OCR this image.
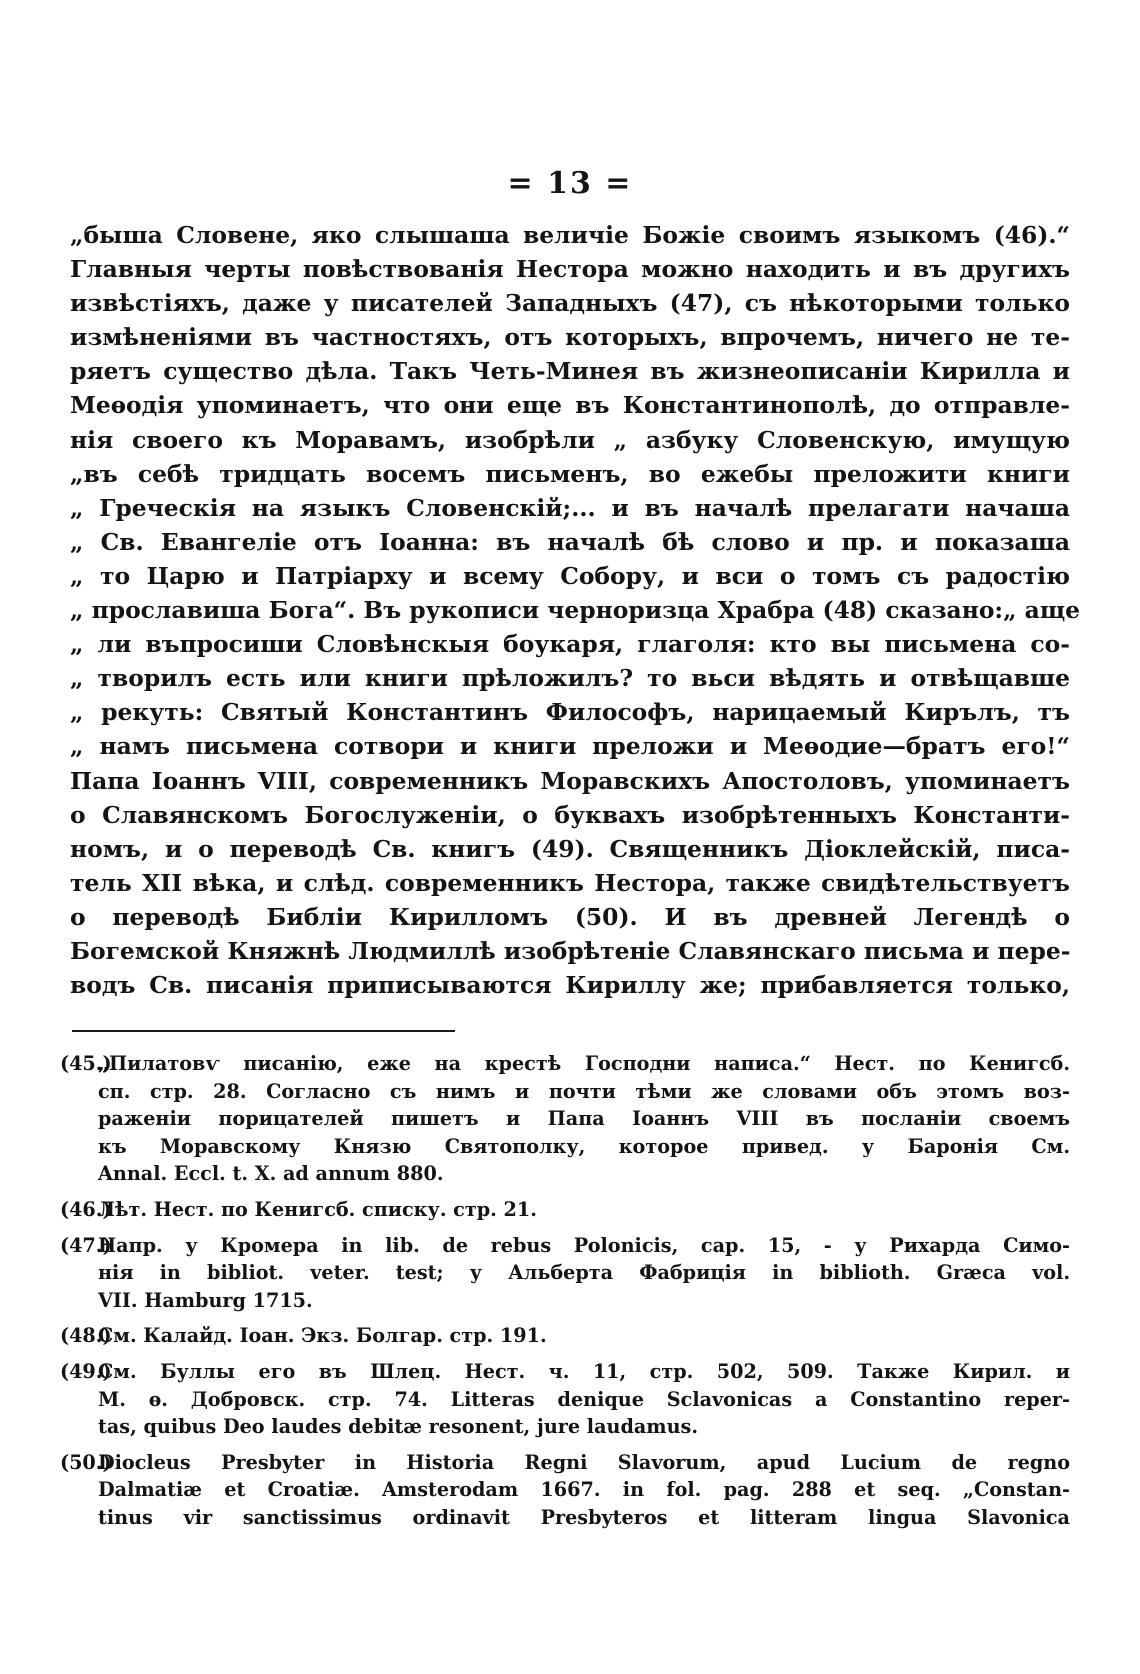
= 13 =
„быша Словене, яко слышаша величіе Божіе своимъ языкомъ (46).“
Главныя черты повѣствованія Нестора можно находить и въ другихъ
извѣстіяхъ, даже у писателей Западныхъ (47), съ нѣкоторыми только
измѣненіями въ частностяхъ, отъ которыхъ, впрочемъ, ничего не те-
ряетъ существо дѣла. Такъ Четь-Минея въ жизнеописаніи Кирилла и
Меѳодія упоминаетъ, что они еще въ Константинополѣ, до отправле-
нія своего къ Моравамъ, изобрѣли „ азбуку Словенскую, имущую
„въ себѣ тридцать восемъ письменъ, во ежебы преложити книги
„ Греческія на языкъ Словенскій;... и въ началѣ прелагати начаша
„ Св. Евангеліе отъ Іоанна: въ началѣ бѣ слово и пр. и показаша
„ то Царю и Патріарху и всему Собору, и вси о томъ съ радостію
„ прославиша Бога“. Въ рукописи черноризца Храбра (48) сказано:„ аще
„ ли въпросиши Словѣнскыя боукаря, глаголя: кто вы письмена со-
„ творилъ есть или книги прѣложилъ? то вьси вѣдять и отвѣщавше
„ рекуть: Святый Константинъ Философъ, нарицаемый Кирълъ, тъ
„ намъ письмена сотвори и книги преложи и Меѳодие—братъ его!“
Папа Іоаннъ VIII, современникъ Моравскихъ Апостоловъ, упоминаетъ
о Славянскомъ Богослуженіи, о буквахъ изобрѣтенныхъ Константи-
номъ, и о переводѣ Св. книгъ (49). Священникъ Діоклейскій, писа-
тель XII вѣка, и слѣд. современникъ Нестора, также свидѣтельствуетъ
о переводѣ Библіи Кирилломъ (50). И въ древней Легендѣ о
Богемской Княжнѣ Людмиллѣ изобрѣтеніе Славянскаго письма и пере-
водъ Св. писанія приписываются Кириллу же; прибавляется только,
(45.)
„Пилатовѵ писанію, еже на крестѣ Господни написа.“ Нест. по Кенигсб.
сп. стр. 28. Согласно съ нимъ и почти тѣми же словами объ этомъ воз-
раженіи порицателей пишетъ и Папа Іоаннъ VIII въ посланіи своемъ
къ Моравскому Князю Святополку, которое привед. у Баронія См.
Annal. Eccl. t. X. ad annum 880.
(46.)
Лѣт. Нест. по Кенигсб. списку. стр. 21.
(47.)
Напр. у Кромера in lib. de rebus Polonicis, cap. 15, - у Рихарда Симо-
нія in bibliot. veter. test; у Альберта Фабриція in biblioth. Græca vol.
VII. Hamburg 1715.
(48.)
См. Калайд. Іоан. Экз. Болгар. стр. 191.
(49.)
См. Буллы его въ Шлец. Нест. ч. 11, стр. 502, 509. Также Кирил. и
М. ѳ. Добровск. стр. 74. Litteras denique Sclavonicas a Constantino reper-
tas, quibus Deo laudes debitæ resonent, jure laudamus.
(50.)
Diocleus Presbyter in Historia Regni Slavorum, apud Lucium de regno
Dalmatiæ et Croatiæ. Amsterodam 1667. in fol. pag. 288 et seq. „Constan-
tinus vir sanctissimus ordinavit Presbyteros et litteram lingua Slavonica
